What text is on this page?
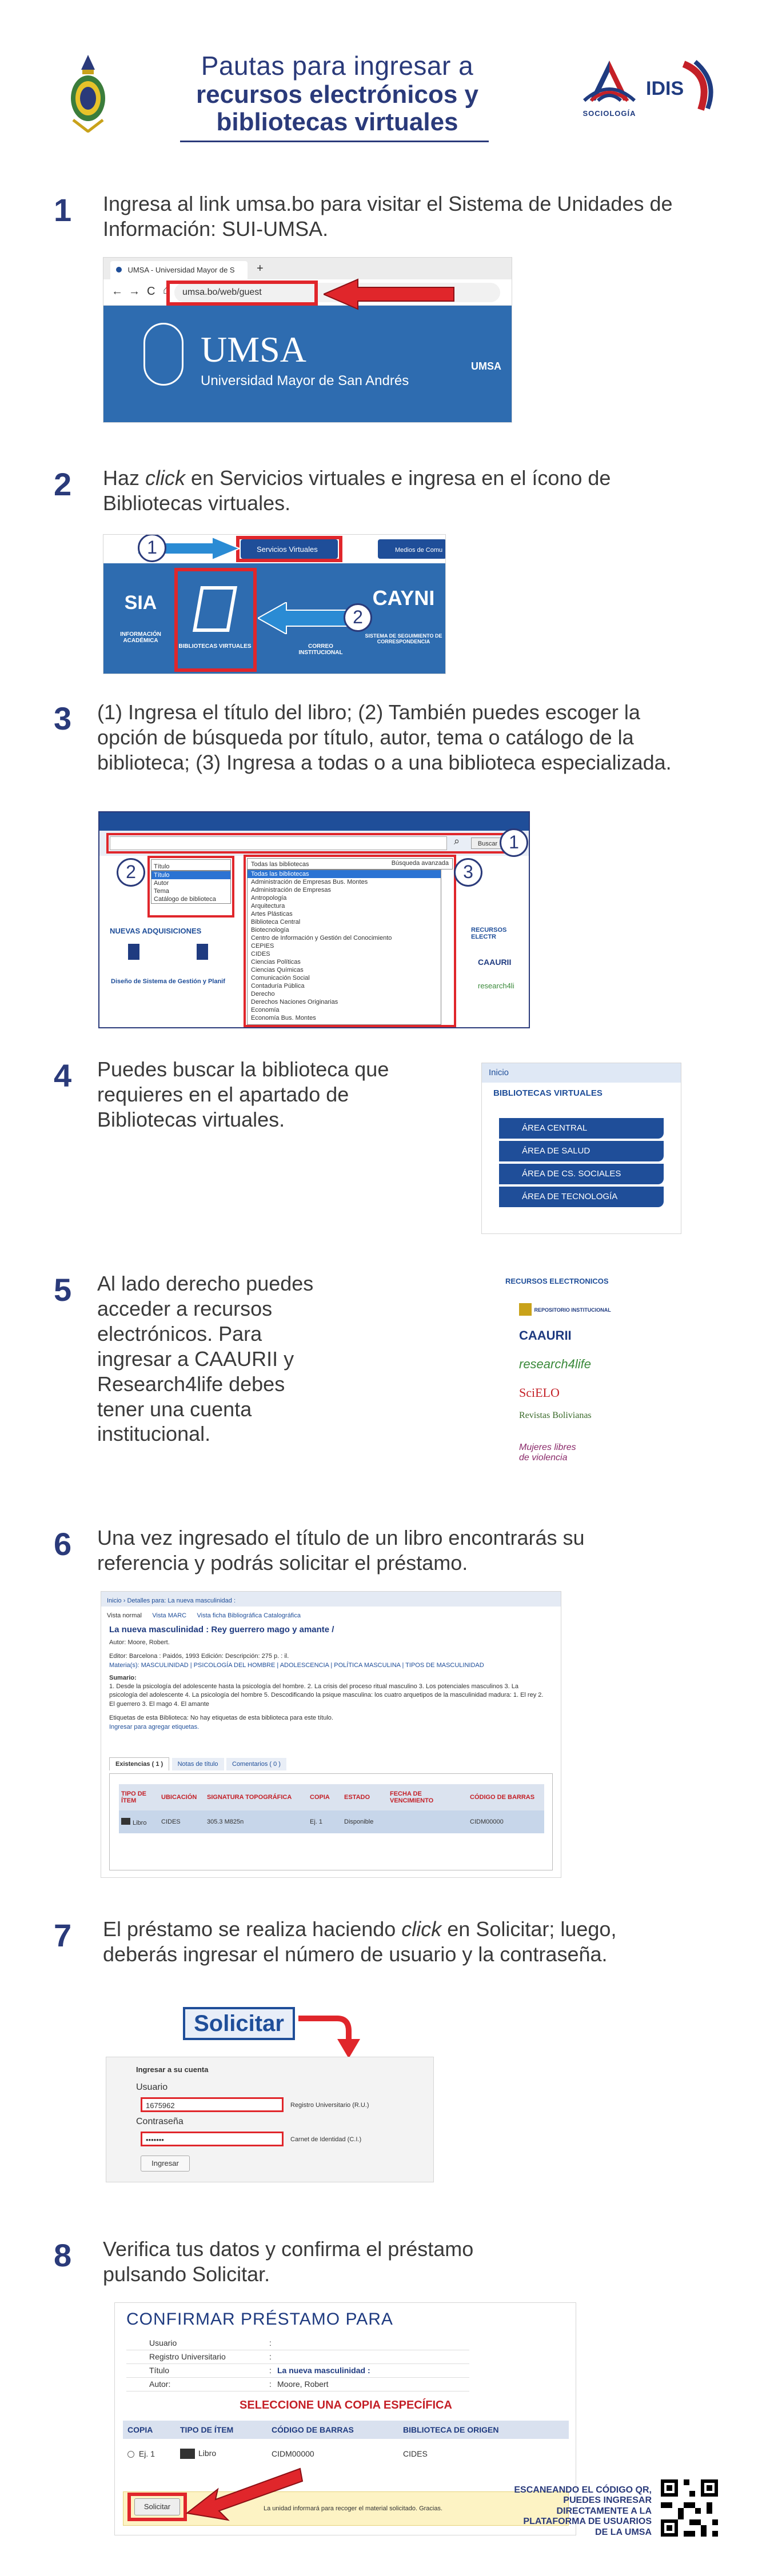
Pautas para ingresar a
recursos electrónicos y
bibliotecas virtuales	SOCIOLOGÍA
IDIS
1 Ingresa al link umsa.bo para visitar el Sistema de Unidades de Información: SUI-UMSA.
UMSA - Universidad Mayor de S	+
← → C ⌂	umsa.bo/web/guest
UMSA
Universidad Mayor de San Andrés
UMSA
2 Haz click en Servicios virtuales e ingresa en el ícono de Bibliotecas virtuales.
Servicios Virtuales	Medios de Comu
SIA
INFORMACIÓN ACADÉMICA
BIBLIOTECAS VIRTUALES	CORREO INSTITUCIONAL
CAYNI
SISTEMA DE SEGUIMIENTO DE CORRESPONDENCIA
1
2
3 (1) Ingresa el título del libro; (2) También puedes escoger la opción de búsqueda por título, autor, tema o catálogo de la biblioteca; (3) Ingresa a todas o a una biblioteca especializada.
Buscar
⌕
Título
Título
Autor
Tema
Catálogo de biblioteca
NUEVAS ADQUISICIONES
Diseño de Sistema de Gestión y Planif
Todas las bibliotecas	Búsqueda avanzada
Todas las bibliotecas
Administración de Empresas Bus. Montes
Administración de Empresas
Antropología
Arquitectura
Artes Plásticas
Biblioteca Central
Biotecnología
Centro de Información y Gestión del Conocimiento
CEPIES
CIDES
Ciencias Políticas
Ciencias Químicas
Comunicación Social
Contaduría Pública
Derecho
Derechos Naciones Originarias
Economía
Economía Bus. Montes
RECURSOS ELECTR
CAAURII
research4li
1
2	3
4 Puedes buscar la biblioteca que requieres en el apartado de Bibliotecas virtuales.
Inicio
BIBLIOTECAS VIRTUALES
ÁREA CENTRAL
ÁREA DE SALUD
ÁREA DE CS. SOCIALES
ÁREA DE TECNOLOGÍA
5 Al lado derecho puedes acceder a recursos electrónicos. Para ingresar a CAAURII y Research4life debes tener una cuenta institucional.
RECURSOS ELECTRONICOS
REPOSITORIO INSTITUCIONAL
CAAURII
research4life
SciELO
Revistas Bolivianas
Mujeres libres de violencia
6 Una vez ingresado el título de un libro encontrarás su referencia y podrás solicitar el préstamo.
Inicio › Detalles para: La nueva masculinidad :
Vista normal Vista MARC Vista ficha Bibliográfica Catalográfica
La nueva masculinidad : Rey guerrero mago y amante /
Autor: Moore, Robert.
Editor: Barcelona : Paidós, 1993 Edición: Descripción: 275 p. : il.
Materia(s): MASCULINIDAD | PSICOLOGÍA DEL HOMBRE | ADOLESCENCIA | POLÍTICA MASCULINA | TIPOS DE MASCULINIDAD
Sumario:
1. Desde la psicología del adolescente hasta la psicología del hombre. 2. La crisis del proceso ritual masculino 3. Los potenciales masculinos 3. La psicología del adolescente 4. La psicología del hombre 5. Descodificando la psique masculina: los cuatro arquetipos de la masculinidad madura: 1. El rey 2. El guerrero 3. El mago 4. El amante
Etiquetas de esta Biblioteca: No hay etiquetas de esta biblioteca para este título.
Ingresar para agregar etiquetas.
Existencias ( 1 ) Notas de título Comentarios ( 0 )
TIPO DE ÍTEM	UBICACIÓN	SIGNATURA TOPOGRÁFICA	COPIA	ESTADO	FECHA DE VENCIMIENTO	CÓDIGO DE BARRAS
Libro	CIDES	305.3 M825n	Ej. 1	Disponible		CIDM00000
7 El préstamo se realiza haciendo click en Solicitar; luego, deberás ingresar el número de usuario y la contraseña.
Solicitar
Ingresar a su cuenta
Usuario
1675962	Registro Universitario (R.U.)
Contraseña
•••••••	Carnet de Identidad (C.I.)
Ingresar
8 Verifica tus datos y confirma el préstamo pulsando Solicitar.
CONFIRMAR PRÉSTAMO PARA
Usuario	:	
Registro Universitario	:	
Título	:	La nueva masculinidad :
Autor:	:	Moore, Robert
SELECCIONE UNA COPIA ESPECÍFICA
COPIA	TIPO DE ÍTEM	CÓDIGO DE BARRAS	BIBLIOTECA DE ORIGEN
Ej. 1	Libro	CIDM00000	CIDES
La unidad informará para recoger el material solicitado. Gracias.
Solicitar
ESCANEANDO EL CÓDIGO QR,
PUEDES INGRESAR
DIRECTAMENTE A LA
PLATAFORMA DE USUARIOS
DE LA UMSA
